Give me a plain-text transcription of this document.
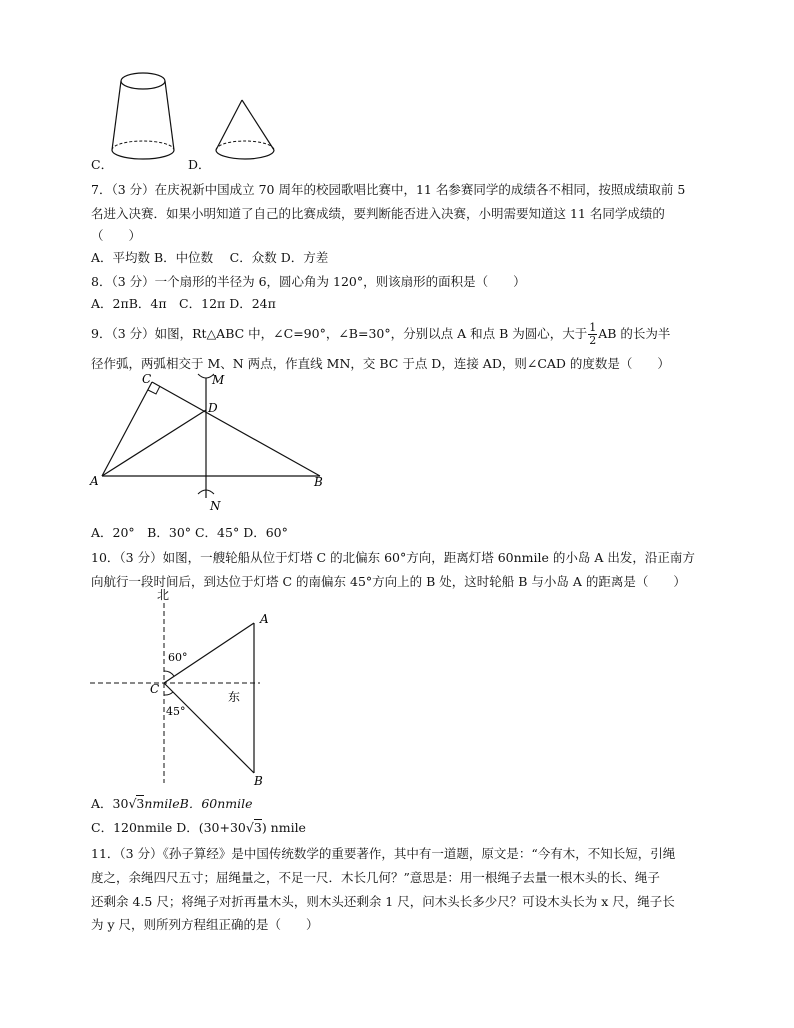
C．	D．
7．（3 分）在庆祝新中国成立 70 周年的校园歌唱比赛中，11 名参赛同学的成绩各不相同，按照成绩取前 5
名进入决赛．如果小明知道了自己的比赛成绩，要判断能否进入决赛，小明需要知道这 11 名同学成绩的
（　　）
A．平均数 B．中位数　 C．众数 D．方差
8．（3 分）一个扇形的半径为 6，圆心角为 120°，则该扇形的面积是（　　）
A．2πB．4π　C．12π D．24π
9．（3 分）如图，Rt△ABC 中，∠C=90°，∠B=30°，分别以点 A 和点 B 为圆心，大于 $\frac{1}{2}$ AB 的长为半
径作弧，两弧相交于 M、N 两点，作直线 MN，交 BC 于点 D，连接 AD，则∠CAD 的度数是（　　）
C	M
D
A	B
N
A．20°　B．30° C．45° D．60°
10．（3 分）如图，一艘轮船从位于灯塔 C 的北偏东 60°方向，距离灯塔 60nmile 的小岛 A 出发，沿正南方
向航行一段时间后，到达位于灯塔 C 的南偏东 45°方向上的 B 处，这时轮船 B 与小岛 A 的距离是（　　）
北
东
60°
45°
C
A
B
A．30√3nmileB．60nmile
C．120nmile D．(30+30√3) nmile
11．（3 分）《孙子算经》是中国传统数学的重要著作，其中有一道题，原文是：“今有木，不知长短，引绳
度之，余绳四尺五寸；屈绳量之，不足一尺．木长几何？”意思是：用一根绳子去量一根木头的长、绳子
还剩余 4.5 尺；将绳子对折再量木头，则木头还剩余 1 尺，问木头长多少尺？可设木头长为 x 尺，绳子长
为 y 尺，则所列方程组正确的是（　　）
